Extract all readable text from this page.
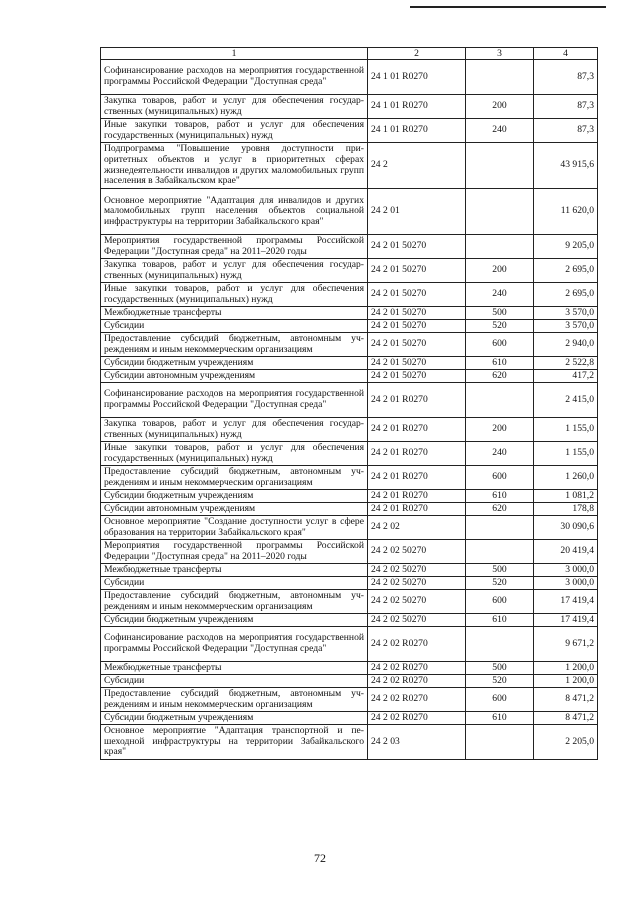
1	2	3	4
Софинансирование расходов на мероприятия государственной программы Российской Федерации "Доступная среда"	24 1 01 R0270		87,3
Закупка товаров, работ и услуг для обеспечения государственных (муниципальных) нужд	24 1 01 R0270	200	87,3
Иные закупки товаров, работ и услуг для обеспечения государственных (муниципальных) нужд	24 1 01 R0270	240	87,3
Подпрограмма "Повышение уровня доступности приоритетных объектов и услуг в приоритетных сферах жизнедеятельности инвалидов и других маломобильных групп населения в Забайкальском крае"	24 2		43 915,6
Основное мероприятие "Адаптация для инвалидов и других маломобильных групп населения объектов социальной инфраструктуры на территории Забайкальского края"	24 2 01		11 620,0
Мероприятия государственной программы Российской Федерации "Доступная среда" на 2011–2020 годы	24 2 01 50270		9 205,0
Закупка товаров, работ и услуг для обеспечения государственных (муниципальных) нужд	24 2 01 50270	200	2 695,0
Иные закупки товаров, работ и услуг для обеспечения государственных (муниципальных) нужд	24 2 01 50270	240	2 695,0
Межбюджетные трансферты	24 2 01 50270	500	3 570,0
Субсидии	24 2 01 50270	520	3 570,0
Предоставление субсидий бюджетным, автономным учреждениям и иным некоммерческим организациям	24 2 01 50270	600	2 940,0
Субсидии бюджетным учреждениям	24 2 01 50270	610	2 522,8
Субсидии автономным учреждениям	24 2 01 50270	620	417,2
Софинансирование расходов на мероприятия государственной программы Российской Федерации "Доступная среда"	24 2 01 R0270		2 415,0
Закупка товаров, работ и услуг для обеспечения государственных (муниципальных) нужд	24 2 01 R0270	200	1 155,0
Иные закупки товаров, работ и услуг для обеспечения государственных (муниципальных) нужд	24 2 01 R0270	240	1 155,0
Предоставление субсидий бюджетным, автономным учреждениям и иным некоммерческим организациям	24 2 01 R0270	600	1 260,0
Субсидии бюджетным учреждениям	24 2 01 R0270	610	1 081,2
Субсидии автономным учреждениям	24 2 01 R0270	620	178,8
Основное мероприятие "Создание доступности услуг в сфере образования на территории Забайкальского края"	24 2 02		30 090,6
Мероприятия государственной программы Российской Федерации "Доступная среда" на 2011–2020 годы	24 2 02 50270		20 419,4
Межбюджетные трансферты	24 2 02 50270	500	3 000,0
Субсидии	24 2 02 50270	520	3 000,0
Предоставление субсидий бюджетным, автономным учреждениям и иным некоммерческим организациям	24 2 02 50270	600	17 419,4
Субсидии бюджетным учреждениям	24 2 02 50270	610	17 419,4
Софинансирование расходов на мероприятия государственной программы Российской Федерации "Доступная среда"	24 2 02 R0270		9 671,2
Межбюджетные трансферты	24 2 02 R0270	500	1 200,0
Субсидии	24 2 02 R0270	520	1 200,0
Предоставление субсидий бюджетным, автономным учреждениям и иным некоммерческим организациям	24 2 02 R0270	600	8 471,2
Субсидии бюджетным учреждениям	24 2 02 R0270	610	8 471,2
Основное мероприятие "Адаптация транспортной и пешеходной инфраструктуры на территории Забайкальского края"	24 2 03		2 205,0
72
